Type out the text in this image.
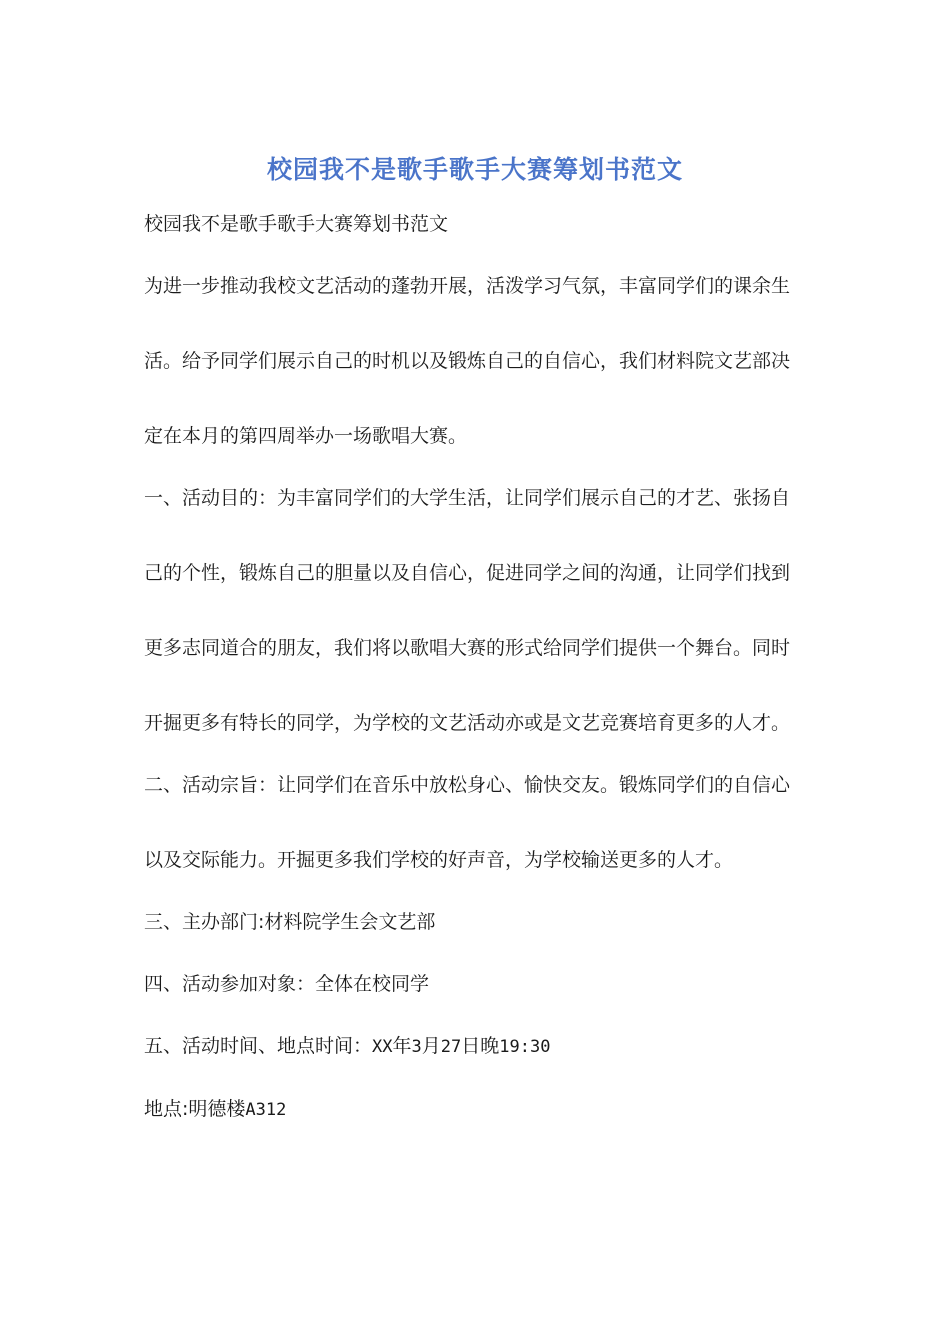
校园我不是歌手歌手大赛筹划书范文
校园我不是歌手歌手大赛筹划书范文
为进一步推动我校文艺活动的蓬勃开展，活泼学习气氛，丰富同学们的课余生
活。给予同学们展示自己的时机以及锻炼自己的自信心，我们材料院文艺部决
定在本月的第四周举办一场歌唱大赛。
一、活动目的：为丰富同学们的大学生活，让同学们展示自己的才艺、张扬自
己的个性，锻炼自己的胆量以及自信心，促进同学之间的沟通，让同学们找到
更多志同道合的朋友，我们将以歌唱大赛的形式给同学们提供一个舞台。同时
开掘更多有特长的同学，为学校的文艺活动亦或是文艺竞赛培育更多的人才。
二、活动宗旨：让同学们在音乐中放松身心、愉快交友。锻炼同学们的自信心
以及交际能力。开掘更多我们学校的好声音，为学校输送更多的人才。
三、主办部门:材料院学生会文艺部
四、活动参加对象：全体在校同学
五、活动时间、地点时间：XX年3月27日晚19:30
地点:明德楼A312
